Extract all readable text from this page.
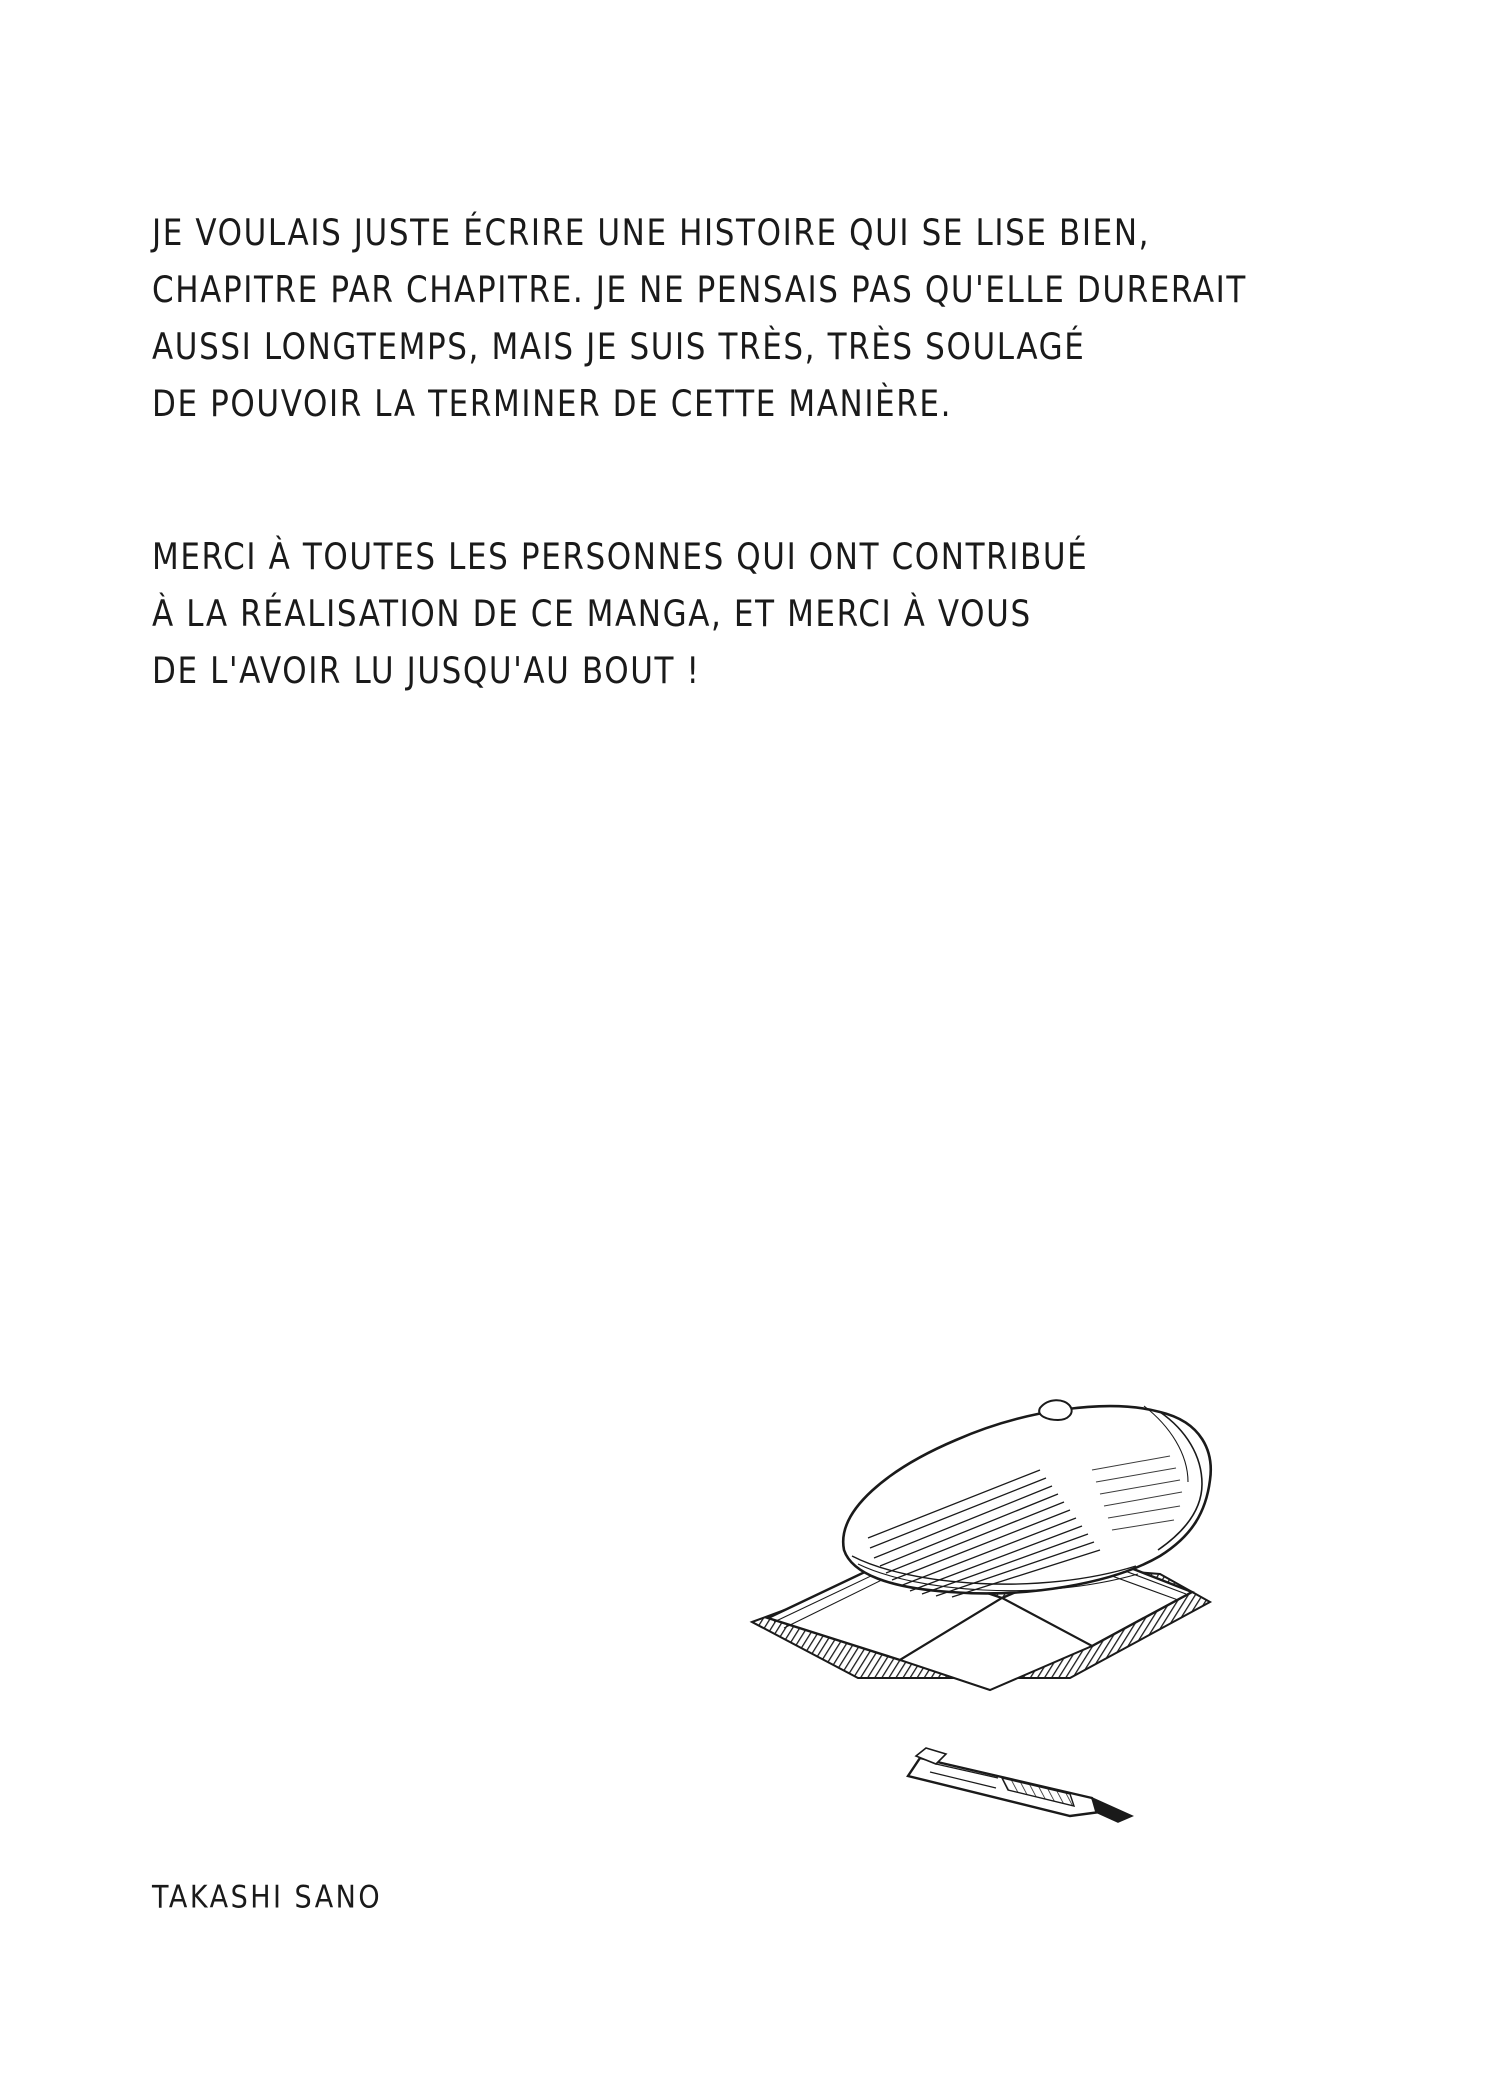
JE VOULAIS JUSTE ÉCRIRE UNE HISTOIRE QUI SE LISE BIEN,
CHAPITRE PAR CHAPITRE. JE NE PENSAIS PAS QU'ELLE DURERAIT
AUSSI LONGTEMPS, MAIS JE SUIS TRÈS, TRÈS SOULAGÉ
DE POUVOIR LA TERMINER DE CETTE MANIÈRE.
MERCI À TOUTES LES PERSONNES QUI ONT CONTRIBUÉ
À LA RÉALISATION DE CE MANGA, ET MERCI À VOUS
DE L'AVOIR LU JUSQU'AU BOUT !
TAKASHI SANO
